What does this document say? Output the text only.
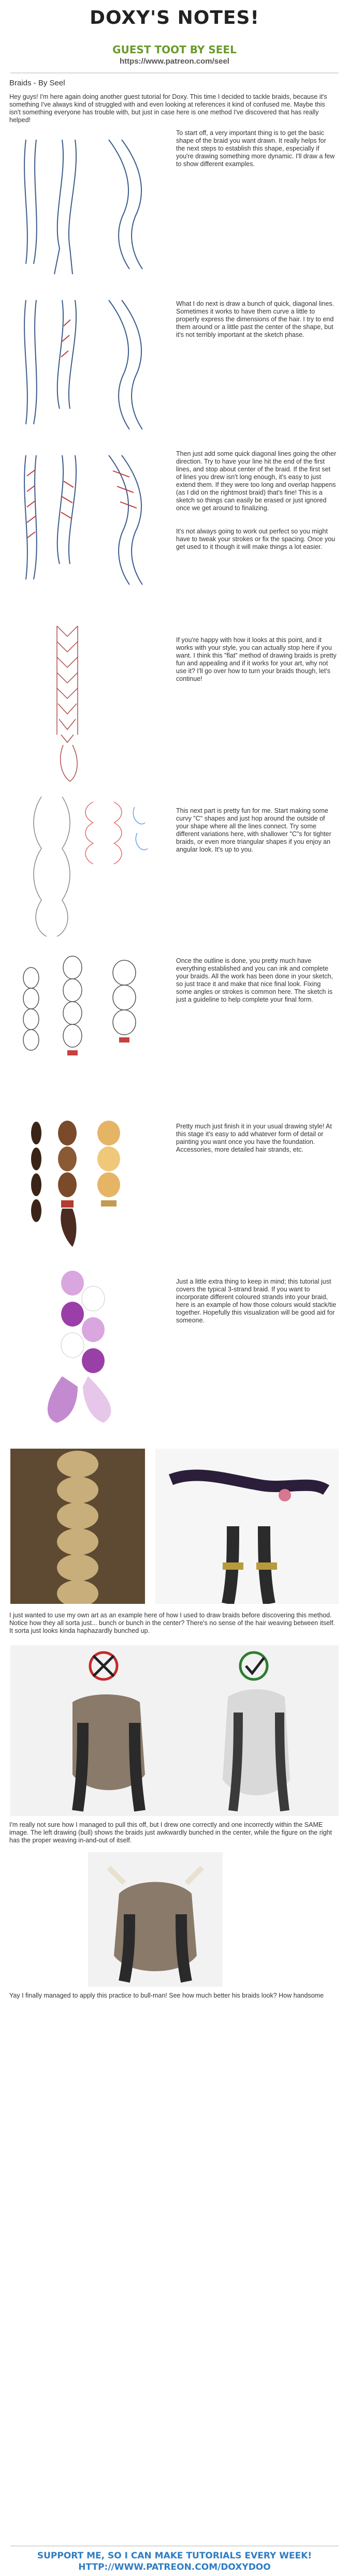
DOXY'S NOTES!
GUEST TOOT BY SEEL
https://www.patreon.com/seel
Braids - By Seel
Hey guys! I'm here again doing another guest tutorial for Doxy. This time I decided to tackle braids, because it's something I've always kind of struggled with and even looking at references it kind of confused me. Maybe this isn't something everyone has trouble with, but just in case here is one method I've discovered that has really helped!
To start off, a very important thing is to get the basic shape of the braid you want drawn. It really helps for the next steps to establish this shape, especially if you're drawing something more dynamic. I'll draw a few to show different examples.
What I do next is draw a bunch of quick, diagonal lines. Sometimes it works to have them curve a little to properly express the dimensions of the hair. I try to end them around or a little past the center of the shape, but it's not terribly important at the sketch phase.
Then just add some quick diagonal lines going the other direction. Try to have your line hit the end of the first lines, and stop about center of the braid. If the first set of lines you drew isn't long enough, it's easy to just extend them. If they were too long and overlap happens (as I did on the rightmost braid) that's fine! This is a sketch so things can easily be erased or just ignored once we get around to finalizing.
It's not always going to work out perfect so you might have to tweak your strokes or fix the spacing. Once you get used to it though it will make things a lot easier.
If you're happy with how it looks at this point, and it works with your style, you can actually stop here if you want. I think this "flat" method of drawing braids is pretty fun and appealing and if it works for your art, why not use it? I'll go over how to turn your braids though, let's continue!
This next part is pretty fun for me. Start making some curvy "C" shapes and just hop around the outside of your shape where all the lines connect. Try some different variations here, with shallower "C"s for tighter braids, or even more triangular shapes if you enjoy an angular look. It's up to you.
Once the outline is done, you pretty much have everything established and you can ink and complete your braids. All the work has been done in your sketch, so just trace it and make that nice final look. Fixing some angles or strokes is common here. The sketch is just a guideline to help complete your final form.
Pretty much just finish it in your usual drawing style! At this stage it's easy to add whatever form of detail or painting you want once you have the foundation. Accessories, more detailed hair strands, etc.
Just a little extra thing to keep in mind; this tutorial just covers the typical 3-strand braid. If you want to incorporate different coloured strands into your braid, here is an example of how those colours would stack/tie together. Hopefully this visualization will be good aid for someone.
I just wanted to use my own art as an example here of how I used to draw braids before discovering this method. Notice how they all sorta just... bunch or bunch in the center? There's no sense of the hair weaving between itself. It sorta just looks kinda haphazardly bunched up.
I'm really not sure how I managed to pull this off, but I drew one correctly and one incorrectly within the SAME image. The left drawing (bull) shows the braids just awkwardly bunched in the center, while the figure on the right has the proper weaving in-and-out of itself.
Yay I finally managed to apply this practice to bull-man! See how much better his braids look? How handsome
SUPPORT ME, SO I CAN MAKE TUTORIALS EVERY WEEK!
HTTP://WWW.PATREON.COM/DOXYDOO
